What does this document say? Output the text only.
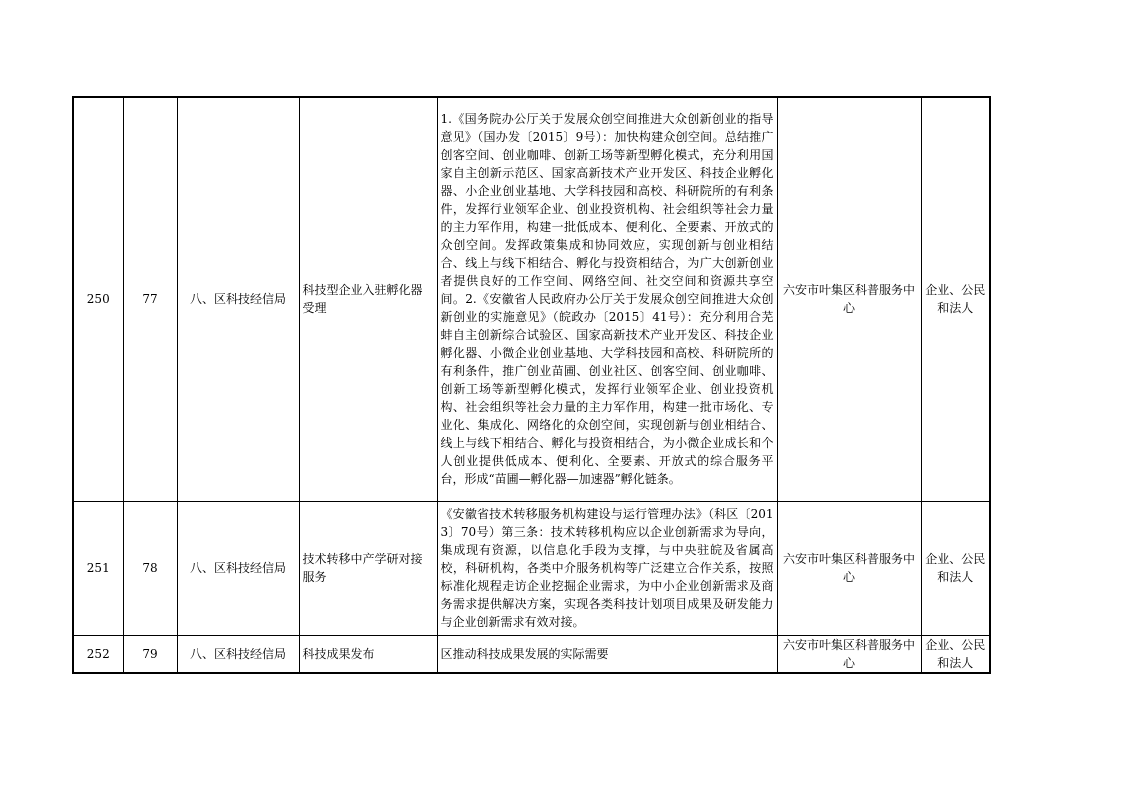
250	77	八、区科技经信局	科技型企业入驻孵化器受理	1.《国务院办公厅关于发展众创空间推进大众创新创业的指导意见》（国办发〔2015〕9号）：加快构建众创空间。总结推广创客空间、创业咖啡、创新工场等新型孵化模式，充分利用国家自主创新示范区、国家高新技术产业开发区、科技企业孵化器、小企业创业基地、大学科技园和高校、科研院所的有利条件，发挥行业领军企业、创业投资机构、社会组织等社会力量的主力军作用，构建一批低成本、便利化、全要素、开放式的众创空间。发挥政策集成和协同效应，实现创新与创业相结合、线上与线下相结合、孵化与投资相结合，为广大创新创业者提供良好的工作空间、网络空间、社交空间和资源共享空间。2.《安徽省人民政府办公厅关于发展众创空间推进大众创新创业的实施意见》（皖政办〔2015〕41号）：充分利用合芜蚌自主创新综合试验区、国家高新技术产业开发区、科技企业孵化器、小微企业创业基地、大学科技园和高校、科研院所的有利条件，推广创业苗圃、创业社区、创客空间、创业咖啡、创新工场等新型孵化模式，发挥行业领军企业、创业投资机构、社会组织等社会力量的主力军作用，构建一批市场化、专业化、集成化、网络化的众创空间，实现创新与创业相结合、线上与线下相结合、孵化与投资相结合，为小微企业成长和个人创业提供低成本、便利化、全要素、开放式的综合服务平台，形成“苗圃—孵化器—加速器”孵化链条。	六安市叶集区科普服务中心	企业、公民和法人
251	78	八、区科技经信局	技术转移中产学研对接服务	《安徽省技术转移服务机构建设与运行管理办法》（科区〔2013〕70号）第三条：技术转移机构应以企业创新需求为导向，集成现有资源，以信息化手段为支撑，与中央驻皖及省属高校，科研机构，各类中介服务机构等广泛建立合作关系，按照标准化规程走访企业挖掘企业需求，为中小企业创新需求及商务需求提供解决方案，实现各类科技计划项目成果及研发能力与企业创新需求有效对接。	六安市叶集区科普服务中心	企业、公民和法人
252	79	八、区科技经信局	科技成果发布	区推动科技成果发展的实际需要	六安市叶集区科普服务中心	企业、公民和法人
